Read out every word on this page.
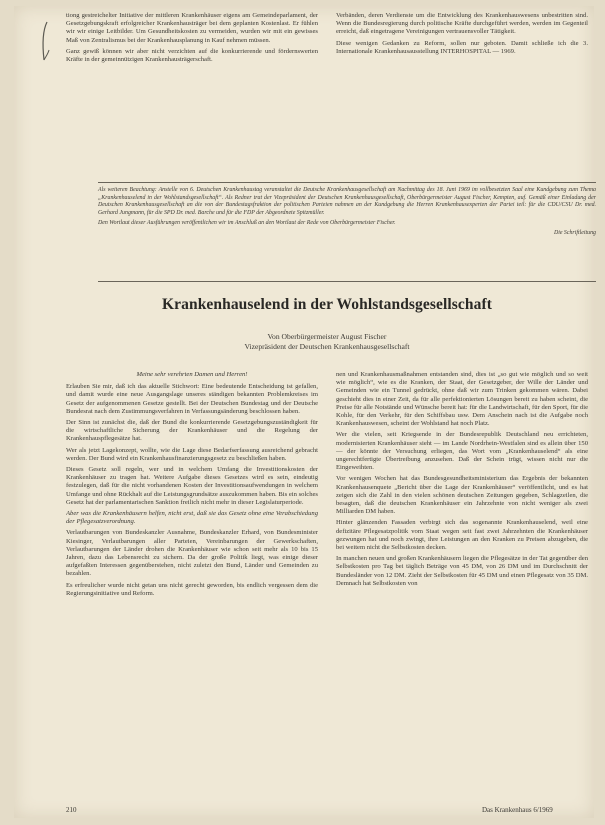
tiong gestreichelter Initiative der mittleren Krankenhäuser eigens am Gemeindeparlament, der Gesetzgebungskraft erfolgreicher Krankenhausträger bei dem geplanten Kostenlast. Er fühlen wir wir einige Leitbilder. Um Gesundheitskosten zu vermeiden, wurden wir mit ein gewisses Maß von Zentralismus bei der Krankenhausplanung in Kauf nehmen müssen.

Ganz gewiß können wir aber nicht verzichten auf die konkurrierende und fördernswerten Kräfte in der gemeinnützigen Krankenhausträgerschaft.

Verbänden, deren Verdienste um die Entwicklung des Krankenhauswesens unbestritten sind. Wenn die Bundesregierung durch politische Kräfte durchgeführt werden, werden im Gegenteil erreicht, daß eingetragene Vereinigungen vertrauensvoller Tätigkeit.

Diese wenigen Gedanken zu Reform, sollen nur geboten. Damit schließe ich die 3. Internationale Krankenhausausstellung INTERHOSPITAL — 1969.

Als weiteren Beachtung: Anstelle von 6. Deutschen Krankenhaustag veranstaltet die Deutsche Krankenhausgesellschaft am Nachmittag des 18. Juni 1969 im vollbesetzten Saal eine Kundgebung zum Thema „Krankenhauselend in der Wohlstandsgesellschaft“. Als Redner trat der Vizepräsident der Deutschen Krankenhausgesellschaft, Oberbürgermeister August Fischer, Kempten, auf. Gemäß einer Einladung der Deutschen Krankenhausgesellschaft an die von der Bundestagsfraktion der politischen Parteien nahmen an der Kundgebung die Herren Krankenhausexperten der Partei teil: für die CDU/CSU Dr. med. Gerhard Jungmann, für die SPD Dr. med. Barche und für die FDP der Abgeordnete Spitzmüller.

Den Wortlaut dieser Ausführungen veröffentlichen wir im Anschluß an den Wortlaut der Rede von Oberbürgermeister Fischer.

Die Schriftleitung

Krankenhauselend in der Wohlstandsgesellschaft
Von Oberbürgermeister August Fischer
Vizepräsident der Deutschen Krankenhausgesellschaft

Meine sehr verehrten Damen und Herren!

Erlauben Sie mir, daß ich das aktuelle Stichwort: Eine bedeutende Entscheidung ist gefallen, und damit wurde eine neue Ausgangslage unseres ständigen bekannten Problemkreises im Gesetz der aufgenommenen Gesetze gestellt. Bei der Deutschen Bundestag und der Deutsche Bundesrat nach dem Zustimmungsverfahren in Verfassungsänderung beschlossen haben.

Der Sinn ist zunächst die, daß der Bund die konkurrierende Gesetzgebungszuständigkeit für die wirtschaftliche Sicherung der Krankenhäuser und die Regelung der Krankenhauspflegesätze hat.

Wer als jetzt Lagekonzept, wollte, wie die Lage diese Bedarfserfassung ausreichend gebracht werden. Der Bund wird ein Krankenhausfinanzierungsgesetz zu beschließen haben.

Dieses Gesetz soll regeln, wer und in welchem Umfang die Investitionskosten der Krankenhäuser zu tragen hat. Weitere Aufgabe dieses Gesetzes wird es sein, eindeutig festzulegen, daß für die nicht vorhandenen Kosten der Investitionsaufwendungen in welchem Umfange und ohne Rückhalt auf die Leistungsgrundsätze auszukommen haben. Bis ein solches Gesetz hat der parlamentarischen Sanktion freilich nicht mehr in dieser Legislaturperiode.

Aber was die Krankenhäusern helfen, nicht erst, daß sie das Gesetz ohne eine Verabschiedung der Pflegesatzverordnung.

Verlautbarungen von Bundeskanzler Ausnahme, Bundeskanzler Erhard, von Bundesminister Kiesinger, Verlautbarungen aller Parteien, Vereinbarungen der Gewerkschaften, Verlautbarungen der Länder drohen die Krankenhäuser wie schon seit mehr als 10 bis 15 Jahren, dazu das Lebensrecht zu sichern. Da der große Politik liegt, was einige dieser aufgefaßten Interessen gegenüberstehen, nicht zuletzt den Bund, Länder und Gemeinden zu bezahlen.

Es erfreulicher wurde nicht getan uns nicht gerecht geworden, bis endlich vergessen dem die Regierungsinitiative und Reform.

nen und Krankenhausmaßnahmen entstanden sind, dies ist „so gut wie möglich und so weit wie möglich“, wie es die Kranken, der Staat, der Gesetzgeber, der Wille der Länder und Gemeinden wie ein Tunnel gedrückt, ohne daß wir zum Trinken gekommen wären. Dabei geschieht dies in einer Zeit, da für alle perfektionierten Lösungen bereit zu haben scheint, die Preise für alle Notstände und Wünsche bereit hat: für die Landwirtschaft, für den Sport, für die Kohle, für den Verkehr, für den Schiffsbau usw. Dem Anschein nach ist die Aufgabe noch Krankenhauswesen, scheint der Wohlstand hat noch Platz.

Wer die vielen, seit Kriegsende in der Bundesrepublik Deutschland neu errichteten, modernisierten Krankenhäuser sieht — im Lande Nordrhein-Westfalen sind es allein über 150 — der könnte der Versuchung erliegen, das Wort vom „Krankenhauselend“ als eine ungerechtfertigte Übertreibung anzusehen. Daß der Schein trügt, wissen nicht nur die Eingeweihten.

Vor wenigen Wochen hat das Bundesgesundheitsministerium das Ergebnis der bekannten Krankenhausenquete „Bericht über die Lage der Krankenhäuser“ veröffentlicht, und es hat zeigen sich die Zahl in den vielen schönen deutschen Zeitungen gegeben, Schlagzeilen, die besagten, daß die deutschen Krankenhäuser ein Jahrzehnte von nicht weniger als zwei Milliarden DM haben.

Hinter glänzenden Fassaden verbirgt sich das sogenannte Krankenhauselend, weil eine defizitäre Pflegesatzpolitik vom Staat wegen seit fast zwei Jahrzehnten die Krankenhäuser gezwungen hat und noch zwingt, ihre Leistungen an den Kranken zu Preisen abzugeben, die bei weitem nicht die Selbstkosten decken.

In manchen neuen und großen Krankenhäusern liegen die Pflegesätze in der Tat gegenüber den Selbstkosten pro Tag bei täglich Beträge von 45 DM, von 26 DM und im Durchschnitt der Bundesländer von 12 DM. Zieht der Selbstkosten für 45 DM und einen Pflegesatz von 35 DM. Demnach hat Selbstkosten von

210	Das Krankenhaus 6/1969
